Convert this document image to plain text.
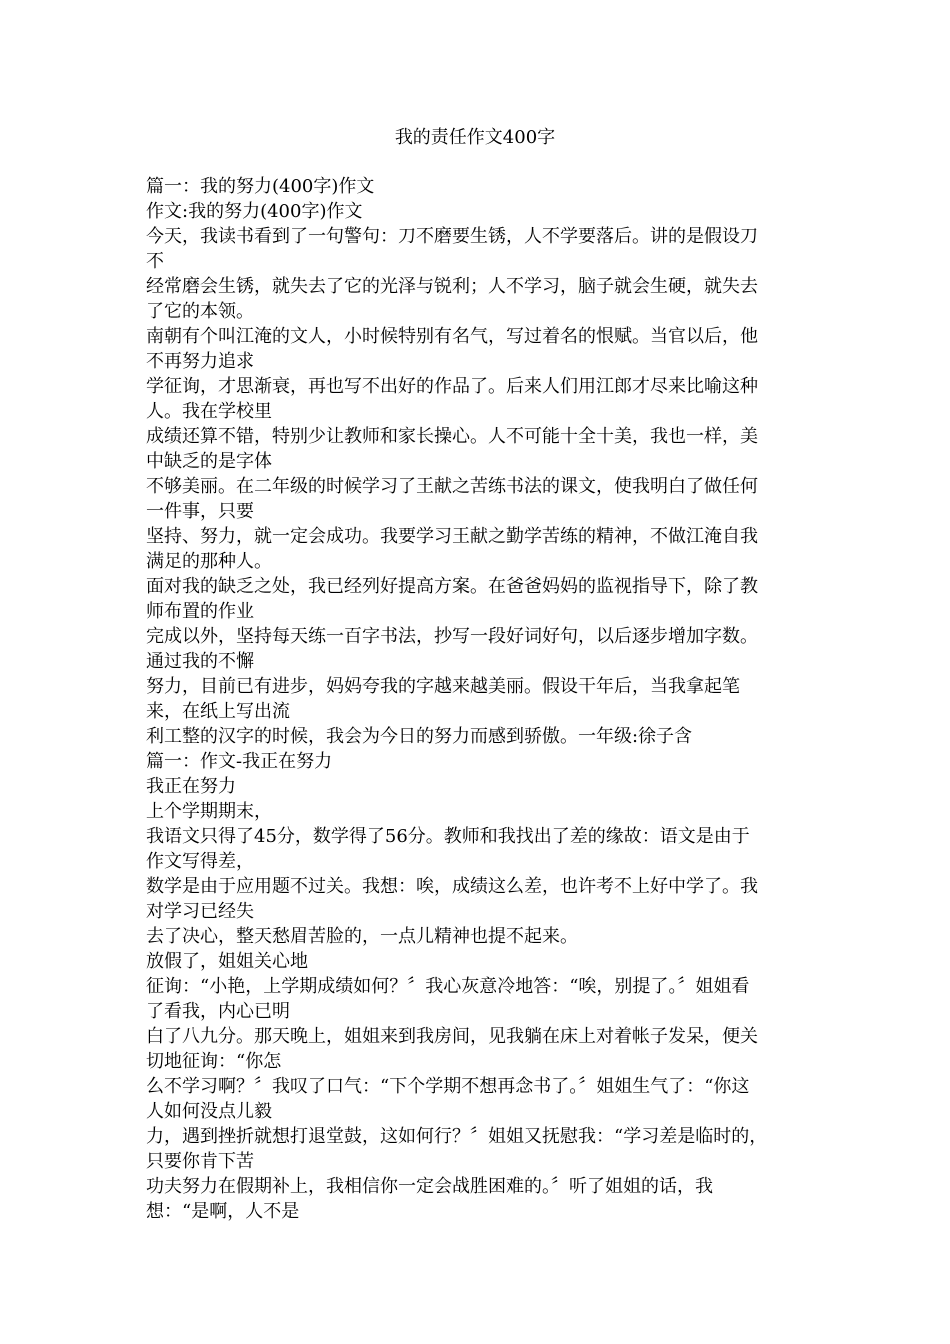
我的责任作文400字
篇一：我的努力(400字)作文
作文:我的努力(400字)作文
今天，我读书看到了一句警句：刀不磨要生锈，人不学要落后。讲的是假设刀
不
经常磨会生锈，就失去了它的光泽与锐利；人不学习，脑子就会生硬，就失去
了它的本领。
南朝有个叫江淹的文人，小时候特别有名气，写过着名的恨赋。当官以后，他
不再努力追求
学征询，才思渐衰，再也写不出好的作品了。后来人们用江郎才尽来比喻这种
人。我在学校里
成绩还算不错，特别少让教师和家长操心。人不可能十全十美，我也一样，美
中缺乏的是字体
不够美丽。在二年级的时候学习了王献之苦练书法的课文，使我明白了做任何
一件事，只要
坚持、努力，就一定会成功。我要学习王献之勤学苦练的精神，不做江淹自我
满足的那种人。
面对我的缺乏之处，我已经列好提高方案。在爸爸妈妈的监视指导下，除了教
师布置的作业
完成以外，坚持每天练一百字书法，抄写一段好词好句，以后逐步增加字数。
通过我的不懈
努力，目前已有进步，妈妈夸我的字越来越美丽。假设干年后，当我拿起笔
来，在纸上写出流
利工整的汉字的时候，我会为今日的努力而感到骄傲。一年级:徐子含
篇一：作文-我正在努力
我正在努力
上个学期期末，
我语文只得了45分，数学得了56分。教师和我找出了差的缘故：语文是由于
作文写得差，
数学是由于应用题不过关。我想：唉，成绩这么差，也许考不上好中学了。我
对学习已经失
去了决心，整天愁眉苦脸的，一点儿精神也提不起来。
放假了，姐姐关心地
征询：“小艳，上学期成绩如何？〞我心灰意冷地答：“唉，别提了。〞姐姐看
了看我，内心已明
白了八九分。那天晚上，姐姐来到我房间，见我躺在床上对着帐子发呆，便关
切地征询：“你怎
么不学习啊？〞我叹了口气：“下个学期不想再念书了。〞姐姐生气了：“你这
人如何没点儿毅
力，遇到挫折就想打退堂鼓，这如何行？〞姐姐又抚慰我：“学习差是临时的，
只要你肯下苦
功夫努力在假期补上，我相信你一定会战胜困难的。〞听了姐姐的话，我
想：“是啊，人不是
